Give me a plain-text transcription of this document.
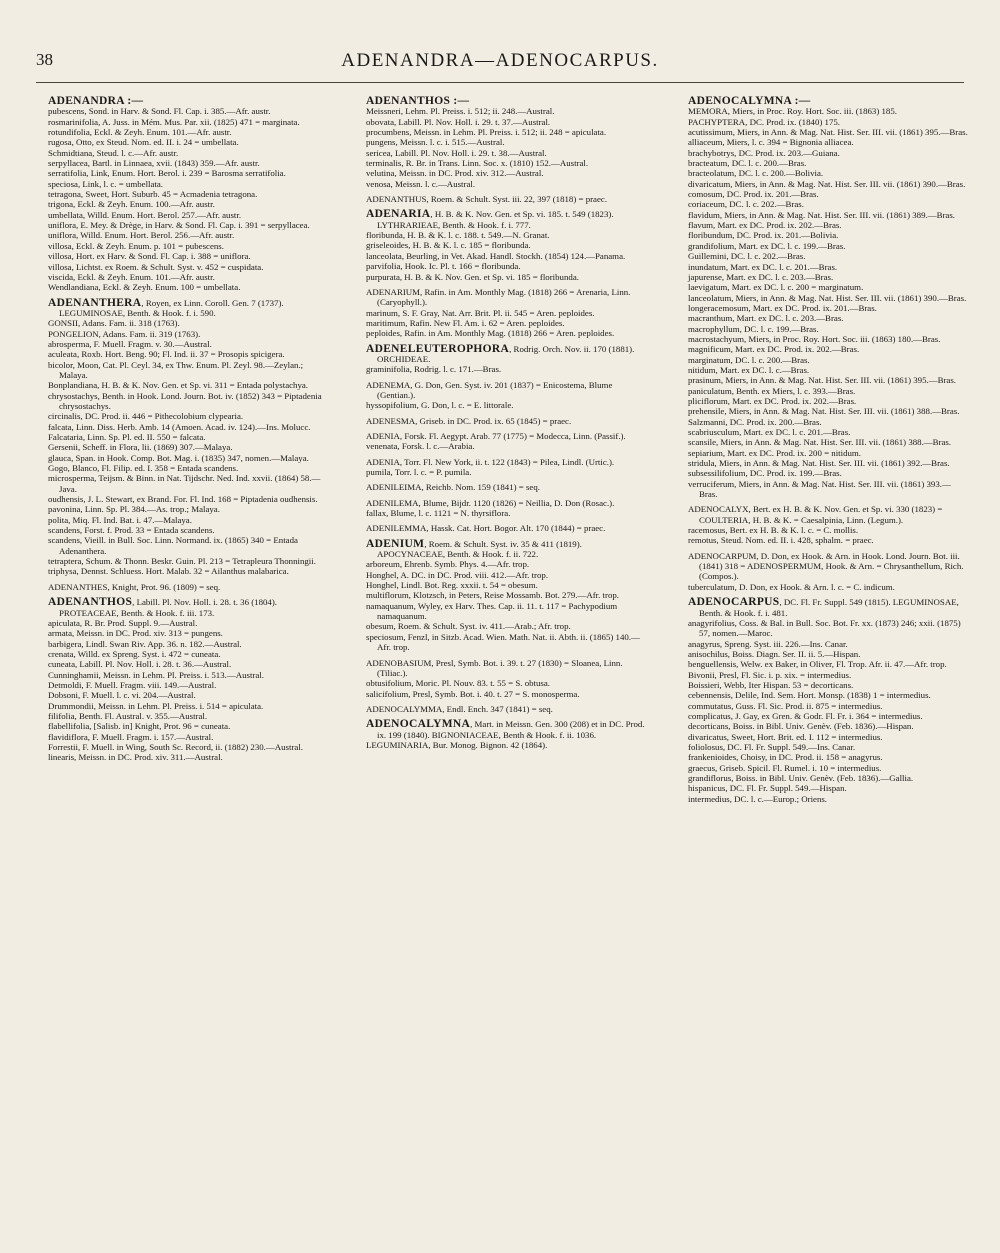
38	ADENANDRA—ADENOCARPUS.
ADENANDRA :—
pubescens, Sond. in Harv. & Sond. Fl. Cap. i. 385.—Afr. austr.
rosmarinifolia, A. Juss. in Mém. Mus. Par. xii. (1825) 471 = marginata.
rotundifolia, Eckl. & Zeyh. Enum. 101.—Afr. austr.
rugosa, Otto, ex Steud. Nom. ed. II. i. 24 = umbellata.
Schmidtiana, Steud. l. c.—Afr. austr.
serpyllacea, Bartl. in Linnaea, xvii. (1843) 359.—Afr. austr.
serratifolia, Link, Enum. Hort. Berol. i. 239 = Barosma serratifolia.
speciosa, Link, l. c. = umbellata.
tetragona, Sweet, Hort. Suburb. 45 = Acmadenia tetragona.
trigona, Eckl. & Zeyh. Enum. 100.—Afr. austr.
umbellata, Willd. Enum. Hort. Berol. 257.—Afr. austr.
uniflora, E. Mey. & Drège, in Harv. & Sond. Fl. Cap. i. 391 = serpyllacea.
uniflora, Willd. Enum. Hort. Berol. 256.—Afr. austr.
villosa, Eckl. & Zeyh. Enum. p. 101 = pubescens.
villosa, Hort. ex Harv. & Sond. Fl. Cap. i. 388 = uniflora.
villosa, Lichtst. ex Roem. & Schult. Syst. v. 452 = cuspidata.
viscida, Eckl. & Zeyh. Enum. 101.—Afr. austr.
Wendlandiana, Eckl. & Zeyh. Enum. 100 = umbellata.
ADENANTHERA, Royen, ex Linn. Coroll. Gen. 7 (1737). LEGUMINOSAE, Benth. & Hook. f. i. 590.
GONSII, Adans. Fam. ii. 318 (1763).
PONGELION, Adans. Fam. ii. 319 (1763).
abrosperma, F. Muell. Fragm. v. 30.—Austral.
aculeata, Roxb. Hort. Beng. 90; Fl. Ind. ii. 37 = Prosopis spicigera.
bicolor, Moon, Cat. Pl. Ceyl. 34, ex Thw. Enum. Pl. Zeyl. 98.—Zeylan.; Malaya.
Bonplandiana, H. B. & K. Nov. Gen. et Sp. vi. 311 = Entada polystachya.
chrysostachys, Benth. in Hook. Lond. Journ. Bot. iv. (1852) 343 = Piptadenia chrysostachys.
circinalis, DC. Prod. ii. 446 = Pithecolobium clypearia.
falcata, Linn. Diss. Herb. Amb. 14 (Amoen. Acad. iv. 124).—Ins. Molucc.
Falcataria, Linn. Sp. Pl. ed. II. 550 = falcata.
Gersenii, Scheff. in Flora, lii. (1869) 307.—Malaya.
glauca, Span. in Hook. Comp. Bot. Mag. i. (1835) 347, nomen.—Malaya.
Gogo, Blanco, Fl. Filip. ed. I. 358 = Entada scandens.
microsperma, Teijsm. & Binn. in Nat. Tijdschr. Ned. Ind. xxvii. (1864) 58.—Java.
oudhensis, J. L. Stewart, ex Brand. For. Fl. Ind. 168 = Piptadenia oudhensis.
pavonina, Linn. Sp. Pl. 384.—As. trop.; Malaya.
polita, Miq. Fl. Ind. Bat. i. 47.—Malaya.
scandens, Forst. f. Prod. 33 = Entada scandens.
scandens, Vieill. in Bull. Soc. Linn. Normand. ix. (1865) 340 = Entada Adenanthera.
tetraptera, Schum. & Thonn. Beskr. Guin. Pl. 213 = Tetrapleura Thonningii.
triphysa, Dennst. Schluess. Hort. Malab. 32 = Ailanthus malabarica.
ADENANTHES, Knight, Prot. 96. (1809) = seq.
ADENANTHOS, Labill. Pl. Nov. Holl. i. 28. t. 36 (1804). PROTEACEAE, Benth. & Hook. f. iii. 173.
apiculata, R. Br. Prod. Suppl. 9.—Austral.
armata, Meissn. in DC. Prod. xiv. 313 = pungens.
barbigera, Lindl. Swan Riv. App. 36. n. 182.—Austral.
crenata, Willd. ex Spreng. Syst. i. 472 = cuneata.
cuneata, Labill. Pl. Nov. Holl. i. 28. t. 36.—Austral.
Cunninghamii, Meissn. in Lehm. Pl. Preiss. i. 513.—Austral.
Detmoldi, F. Muell. Fragm. viii. 149.—Austral.
Dobsoni, F. Muell. l. c. vi. 204.—Austral.
Drummondii, Meissn. in Lehm. Pl. Preiss. i. 514 = apiculata.
filifolia, Benth. Fl. Austral. v. 355.—Austral.
flabellifolia, [Salisb. in] Knight, Prot. 96 = cuneata.
flavidiflora, F. Muell. Fragm. i. 157.—Austral.
Forrestii, F. Muell. in Wing, South Sc. Record, ii. (1882) 230.—Austral.
linearis, Meissn. in DC. Prod. xiv. 311.—Austral.
ADENANTHOS :—
Meissneri, Lehm. Pl. Preiss. i. 512; ii. 248.—Austral.
obovata, Labill. Pl. Nov. Holl. i. 29. t. 37.—Austral.
procumbens, Meissn. in Lehm. Pl. Preiss. i. 512; ii. 248 = apiculata.
pungens, Meissn. l. c. i. 515.—Austral.
sericea, Labill. Pl. Nov. Holl. i. 29. t. 38.—Austral.
terminalis, R. Br. in Trans. Linn. Soc. x. (1810) 152.—Austral.
velutina, Meissn. in DC. Prod. xiv. 312.—Austral.
venosa, Meissn. l. c.—Austral.
ADENANTHUS, Roem. & Schult. Syst. iii. 22, 397 (1818) = praec.
ADENARIA, H. B. & K. Nov. Gen. et Sp. vi. 185. t. 549 (1823). LYTHRARIEAE, Benth. & Hook. f. i. 777.
floribunda, H. B. & K. l. c. 188. t. 549.—N. Granat.
griseleoides, H. B. & K. l. c. 185 = floribunda.
lanceolata, Beurling, in Vet. Akad. Handl. Stockh. (1854) 124.—Panama.
parvifolia, Hook. Ic. Pl. t. 166 = floribunda.
purpurata, H. B. & K. Nov. Gen. et Sp. vi. 185 = floribunda.
ADENARIUM, Rafin. in Am. Monthly Mag. (1818) 266 = Arenaria, Linn. (Caryophyll.).
marinum, S. F. Gray, Nat. Arr. Brit. Pl. ii. 545 = Aren. peploides.
maritimum, Rafin. New Fl. Am. i. 62 = Aren. peploides.
peploides, Rafin. in Am. Monthly Mag. (1818) 266 = Aren. peploides.
ADENELEUTEROPHORA, Rodrig. Orch. Nov. ii. 170 (1881). ORCHIDEAE.
graminifolia, Rodrig. l. c. 171.—Bras.
ADENEMA, G. Don, Gen. Syst. iv. 201 (1837) = Enicostema, Blume (Gentian.).
hyssopifolium, G. Don, l. c. = E. littorale.
ADENESMA, Griseb. in DC. Prod. ix. 65 (1845) = praec.
ADENIA, Forsk. Fl. Aegypt. Arab. 77 (1775) = Modecca, Linn. (Passif.).
venenata, Forsk. l. c.—Arabia.
ADENIA, Torr. Fl. New York, ii. t. 122 (1843) = Pilea, Lindl. (Urtic.).
pumila, Torr. l. c. = P. pumila.
ADENILEIMA, Reichb. Nom. 159 (1841) = seq.
ADENILEMA, Blume, Bijdr. 1120 (1826) = Neillia, D. Don (Rosac.).
fallax, Blume, l. c. 1121 = N. thyrsiflora.
ADENILEMMA, Hassk. Cat. Hort. Bogor. Alt. 170 (1844) = praec.
ADENIUM, Roem. & Schult. Syst. iv. 35 & 411 (1819). APOCYNACEAE, Benth. & Hook. f. ii. 722.
arboreum, Ehrenb. Symb. Phys. 4.—Afr. trop.
Honghel, A. DC. in DC. Prod. viii. 412.—Afr. trop.
Honghel, Lindl. Bot. Reg. xxxii. t. 54 = obesum.
multiflorum, Klotzsch, in Peters, Reise Mossamb. Bot. 279.—Afr. trop.
namaquanum, Wyley, ex Harv. Thes. Cap. ii. 11. t. 117 = Pachypodium namaquanum.
obesum, Roem. & Schult. Syst. iv. 411.—Arab.; Afr. trop.
speciosum, Fenzl, in Sitzb. Acad. Wien. Math. Nat. ii. Abth. ii. (1865) 140.—Afr. trop.
ADENOBASIUM, Presl, Symb. Bot. i. 39. t. 27 (1830) = Sloanea, Linn. (Tiliac.).
obtusifolium, Moric. Pl. Nouv. 83. t. 55 = S. obtusa.
salicifolium, Presl, Symb. Bot. i. 40. t. 27 = S. monosperma.
ADENOCALYMMA, Endl. Ench. 347 (1841) = seq.
ADENOCALYMNA, Mart. in Meissn. Gen. 300 (208) et in DC. Prod. ix. 199 (1840). BIGNONIACEAE, Benth & Hook. f. ii. 1036.
LEGUMINARIA, Bur. Monog. Bignon. 42 (1864).
ADENOCALYMNA :—
MEMORA, Miers, in Proc. Roy. Hort. Soc. iii. (1863) 185.
PACHYPTERA, DC. Prod. ix. (1840) 175.
acutissimum, Miers, in Ann. & Mag. Nat. Hist. Ser. III. vii. (1861) 395.—Bras.
alliaceum, Miers, l. c. 394 = Bignonia alliacea.
brachybotrys, DC. Prod. ix. 203.—Guiana.
bracteatum, DC. l. c. 200.—Bras.
bracteolatum, DC. l. c. 200.—Bolivia.
divaricatum, Miers, in Ann. & Mag. Nat. Hist. Ser. III. vii. (1861) 390.—Bras.
comosum, DC. Prod. ix. 201.—Bras.
coriaceum, DC. l. c. 202.—Bras.
flavidum, Miers, in Ann. & Mag. Nat. Hist. Ser. III. vii. (1861) 389.—Bras.
flavum, Mart. ex DC. Prod. ix. 202.—Bras.
floribundum, DC. Prod. ix. 201.—Bolivia.
grandifolium, Mart. ex DC. l. c. 199.—Bras.
Guillemini, DC. l. c. 202.—Bras.
inundatum, Mart. ex DC. l. c. 201.—Bras.
japurense, Mart. ex DC. l. c. 203.—Bras.
laevigatum, Mart. ex DC. l. c. 200 = marginatum.
lanceolatum, Miers, in Ann. & Mag. Nat. Hist. Ser. III. vii. (1861) 390.—Bras.
longeracemosum, Mart. ex DC. Prod. ix. 201.—Bras.
macranthum, Mart. ex DC. l. c. 203.—Bras.
macrophyllum, DC. l. c. 199.—Bras.
macrostachyum, Miers, in Proc. Roy. Hort. Soc. iii. (1863) 180.—Bras.
magnificum, Mart. ex DC. Prod. ix. 202.—Bras.
marginatum, DC. l. c. 200.—Bras.
nitidum, Mart. ex DC. l. c.—Bras.
prasinum, Miers, in Ann. & Mag. Nat. Hist. Ser. III. vii. (1861) 395.—Bras.
paniculatum, Benth. ex Miers, l. c. 393.—Bras.
pliciflorum, Mart. ex DC. Prod. ix. 202.—Bras.
prehensile, Miers, in Ann. & Mag. Nat. Hist. Ser. III. vii. (1861) 388.—Bras.
Salzmanni, DC. Prod. ix. 200.—Bras.
scabriusculum, Mart. ex DC. l. c. 201.—Bras.
scansile, Miers, in Ann. & Mag. Nat. Hist. Ser. III. vii. (1861) 388.—Bras.
sepiarium, Mart. ex DC. Prod. ix. 200 = nitidum.
stridula, Miers, in Ann. & Mag. Nat. Hist. Ser. III. vii. (1861) 392.—Bras.
subsessilifolium, DC. Prod. ix. 199.—Bras.
verruciferum, Miers, in Ann. & Mag. Nat. Hist. Ser. III. vii. (1861) 393.—Bras.
ADENOCALYX, Bert. ex H. B. & K. Nov. Gen. et Sp. vi. 330 (1823) = COULTERIA, H. B. & K. = Caesalpinia, Linn. (Legum.).
racemosus, Bert. ex H. B. & K. l. c. = C. mollis.
remotus, Steud. Nom. ed. II. i. 428, sphalm. = praec.
ADENOCARPUM, D. Don, ex Hook. & Arn. in Hook. Lond. Journ. Bot. iii. (1841) 318 = ADENOSPERMUM, Hook. & Arn. = Chrysanthellum, Rich. (Compos.).
tuberculatum, D. Don, ex Hook. & Arn. l. c. = C. indicum.
ADENOCARPUS, DC. Fl. Fr. Suppl. 549 (1815). LEGUMINOSAE, Benth. & Hook. f. i. 481.
anagyrifolius, Coss. & Bal. in Bull. Soc. Bot. Fr. xx. (1873) 246; xxii. (1875) 57, nomen.—Maroc.
anagyrus, Spreng. Syst. iii. 226.—Ins. Canar.
anisochilus, Boiss. Diagn. Ser. II. ii. 5.—Hispan.
benguellensis, Welw. ex Baker, in Oliver, Fl. Trop. Afr. ii. 47.—Afr. trop.
Bivonii, Presl, Fl. Sic. i. p. xix. = intermedius.
Boissieri, Webb, Iter Hispan. 53 = decorticans.
cebennensis, Delile, Ind. Sem. Hort. Monsp. (1838) 1 = intermedius.
commutatus, Guss. Fl. Sic. Prod. ii. 875 = intermedius.
complicatus, J. Gay, ex Gren. & Godr. Fl. Fr. i. 364 = intermedius.
decorticans, Boiss. in Bibl. Univ. Genèv. (Feb. 1836).—Hispan.
divaricatus, Sweet, Hort. Brit. ed. I. 112 = intermedius.
foliolosus, DC. Fl. Fr. Suppl. 549.—Ins. Canar.
frankenioides, Choisy, in DC. Prod. ii. 158 = anagyrus.
graecus, Griseb. Spicil. Fl. Rumel. i. 10 = intermedius.
grandiflorus, Boiss. in Bibl. Univ. Genèv. (Feb. 1836).—Gallia.
hispanicus, DC. Fl. Fr. Suppl. 549.—Hispan.
intermedius, DC. l. c.—Europ.; Oriens.
